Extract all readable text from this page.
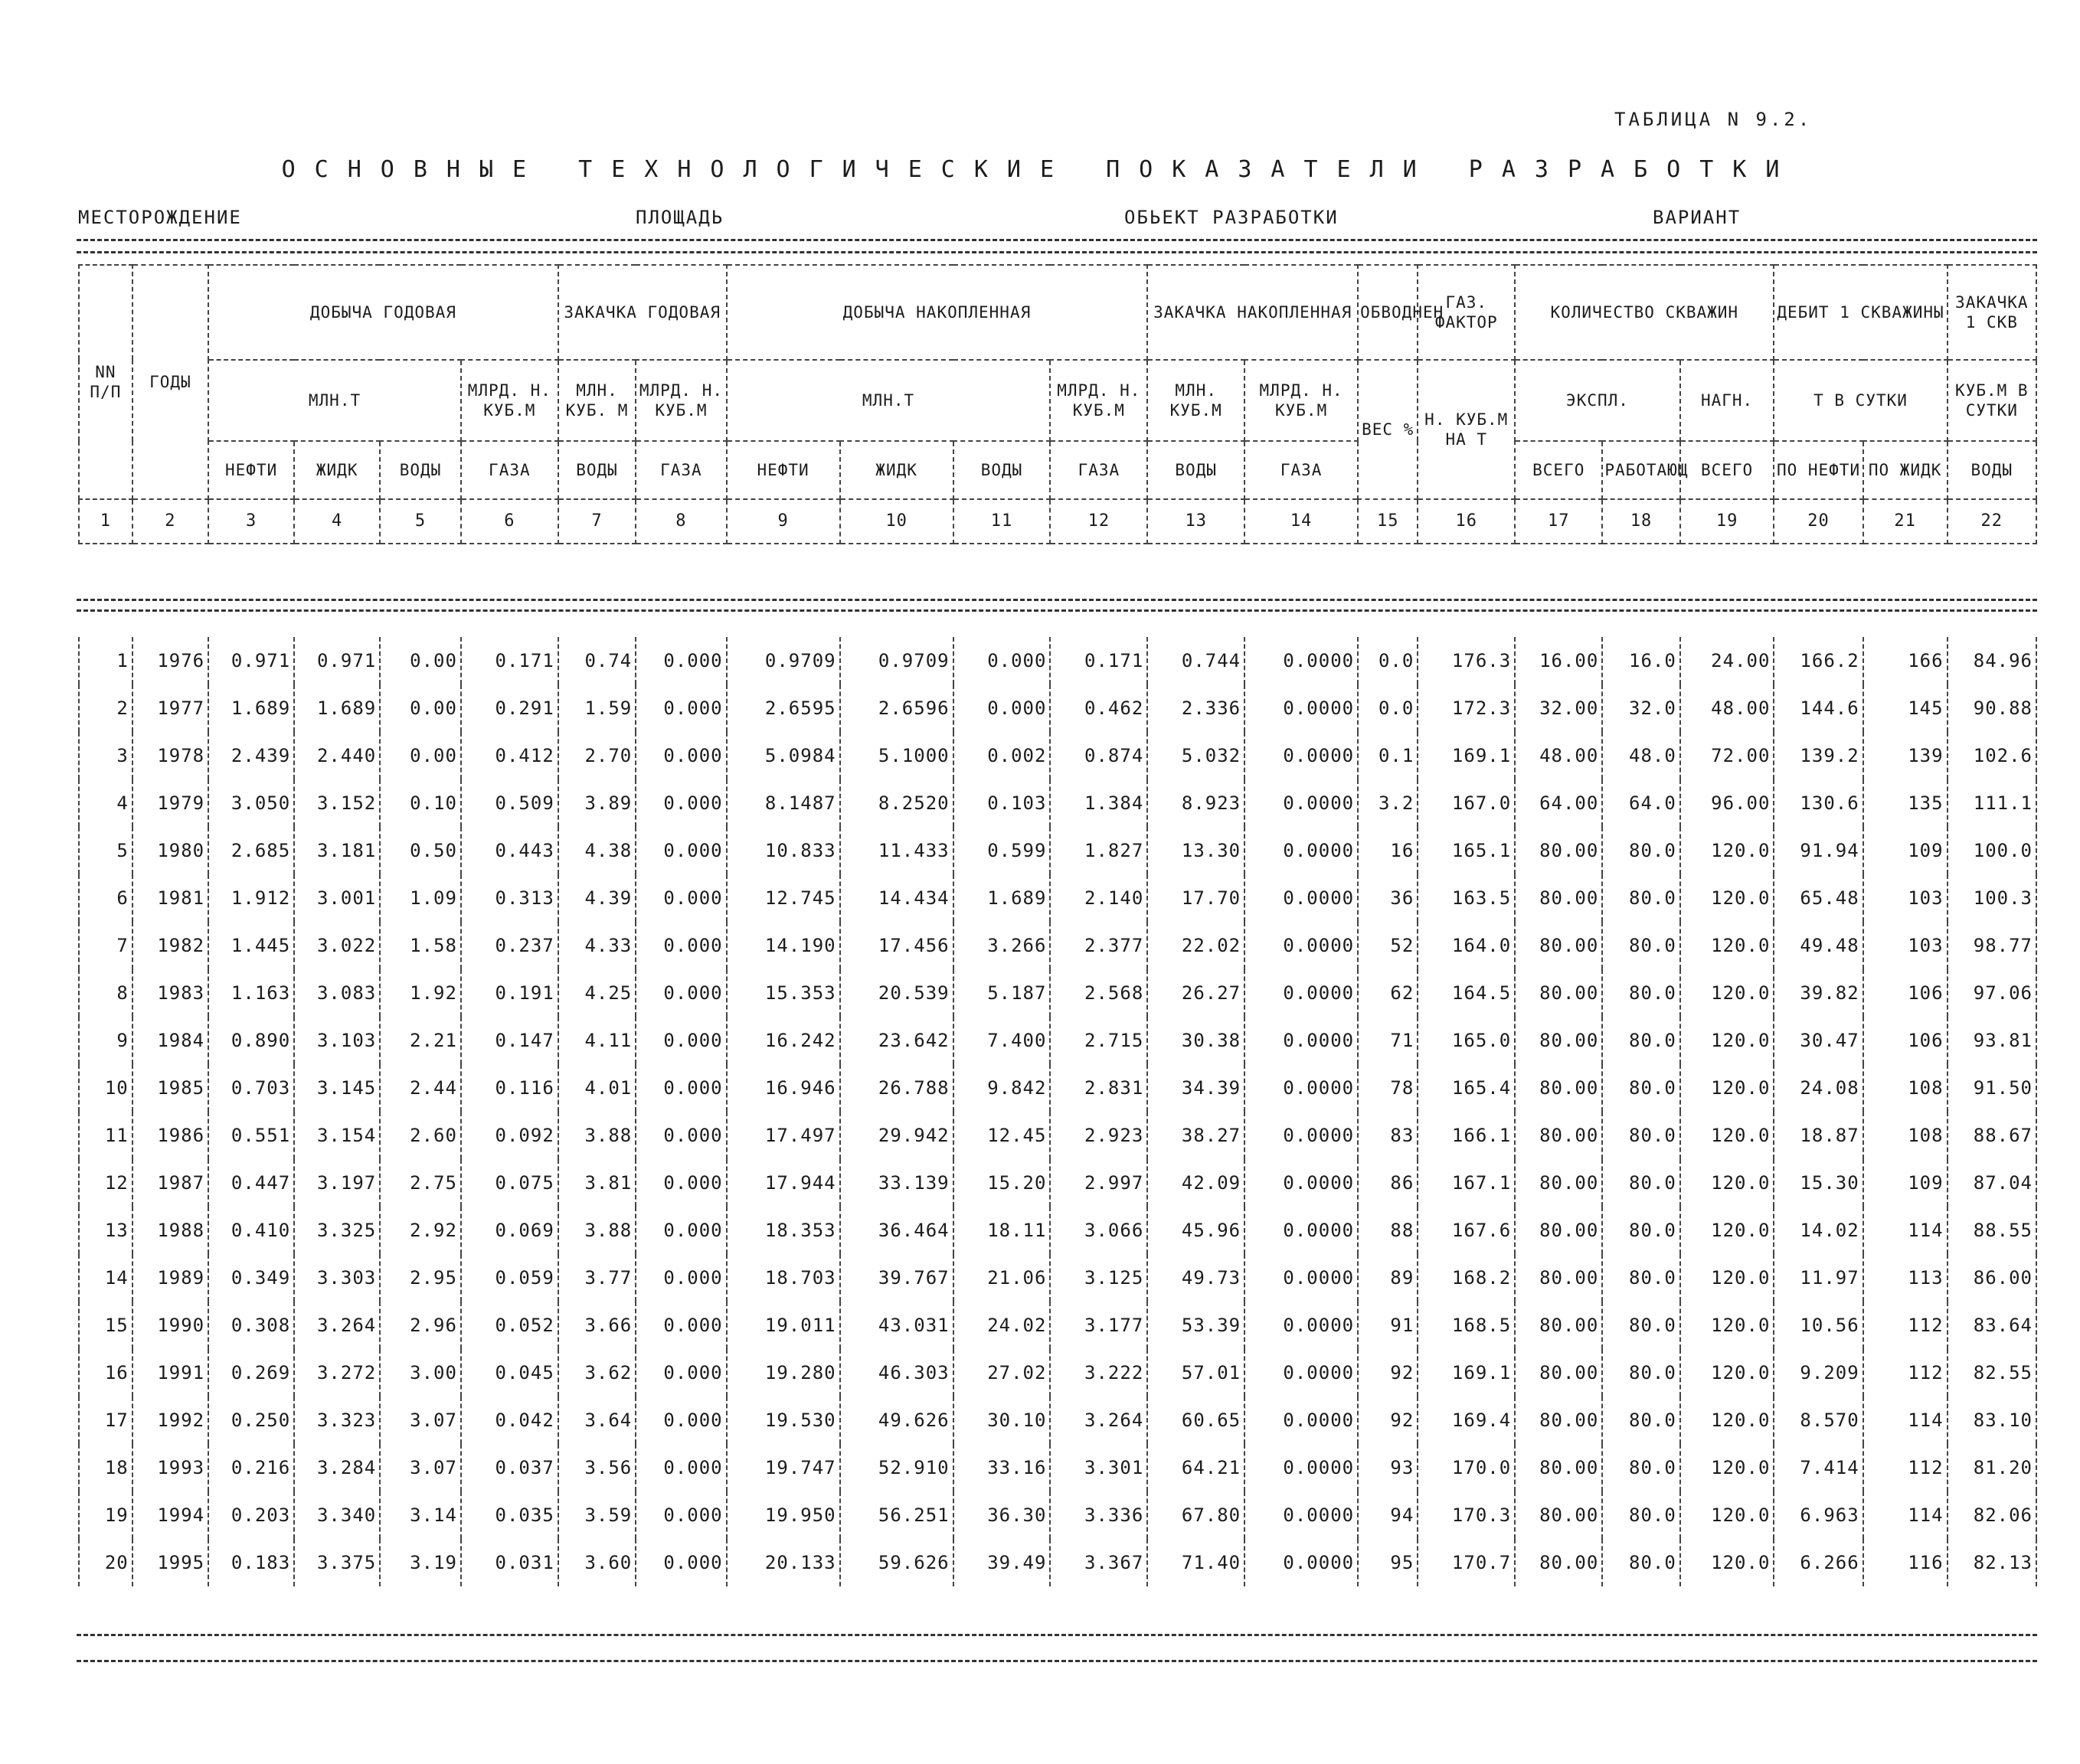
ТАБЛИЦА N 9.2.
ОСНОВНЫЕ ТЕХНОЛОГИЧЕСКИЕ ПОКАЗАТЕЛИ РАЗРАБОТКИ
МЕСТОРОЖДЕНИЕ	ПЛОЩАДЬ	ОБЬЕКТ РАЗРАБОТКИ	ВАРИАНТ
NN П/П	ГОДЫ	ДОБЫЧА ГОДОВАЯ				ЗАКАЧКА ГОДОВАЯ		ДОБЫЧА НАКОПЛЕННАЯ				ЗАКАЧКА НАКОПЛЕННАЯ		ОБВОДНЕН	ГАЗ. ФАКТОР	КОЛИЧЕСТВО СКВАЖИН			ДЕБИТ 1 СКВАЖИНЫ		ЗАКАЧКА 1 СКВ
		МЛН.Т			МЛРД. Н. КУБ.М	МЛН. КУБ. М	МЛРД. Н. КУБ.М	МЛН.Т			МЛРД. Н. КУБ.М	МЛН. КУБ.М	МЛРД. Н. КУБ.М	ВЕС %	Н. КУБ.М НА Т	ЭКСПЛ.		НАГН.	Т В СУТКИ		КУБ.М В СУТКИ
		НЕФТИ	ЖИДК	ВОДЫ	ГАЗА	ВОДЫ	ГАЗА	НЕФТИ	ЖИДК	ВОДЫ	ГАЗА	ВОДЫ	ГАЗА			ВСЕГО	РАБОТАЮЩ	ВСЕГО	ПО НЕФТИ	ПО ЖИДК	ВОДЫ
1	2	3	4	5	6	7	8	9	10	11	12	13	14	15	16	17	18	19	20	21	22
1	1976	0.971	0.971	0.00	0.171	0.74	0.000	0.9709	0.9709	0.000	0.171	0.744	0.0000	0.0	176.3	16.00	16.0	24.00	166.2	166	84.96
2	1977	1.689	1.689	0.00	0.291	1.59	0.000	2.6595	2.6596	0.000	0.462	2.336	0.0000	0.0	172.3	32.00	32.0	48.00	144.6	145	90.88
3	1978	2.439	2.440	0.00	0.412	2.70	0.000	5.0984	5.1000	0.002	0.874	5.032	0.0000	0.1	169.1	48.00	48.0	72.00	139.2	139	102.6
4	1979	3.050	3.152	0.10	0.509	3.89	0.000	8.1487	8.2520	0.103	1.384	8.923	0.0000	3.2	167.0	64.00	64.0	96.00	130.6	135	111.1
5	1980	2.685	3.181	0.50	0.443	4.38	0.000	10.833	11.433	0.599	1.827	13.30	0.0000	16	165.1	80.00	80.0	120.0	91.94	109	100.0
6	1981	1.912	3.001	1.09	0.313	4.39	0.000	12.745	14.434	1.689	2.140	17.70	0.0000	36	163.5	80.00	80.0	120.0	65.48	103	100.3
7	1982	1.445	3.022	1.58	0.237	4.33	0.000	14.190	17.456	3.266	2.377	22.02	0.0000	52	164.0	80.00	80.0	120.0	49.48	103	98.77
8	1983	1.163	3.083	1.92	0.191	4.25	0.000	15.353	20.539	5.187	2.568	26.27	0.0000	62	164.5	80.00	80.0	120.0	39.82	106	97.06
9	1984	0.890	3.103	2.21	0.147	4.11	0.000	16.242	23.642	7.400	2.715	30.38	0.0000	71	165.0	80.00	80.0	120.0	30.47	106	93.81
10	1985	0.703	3.145	2.44	0.116	4.01	0.000	16.946	26.788	9.842	2.831	34.39	0.0000	78	165.4	80.00	80.0	120.0	24.08	108	91.50
11	1986	0.551	3.154	2.60	0.092	3.88	0.000	17.497	29.942	12.45	2.923	38.27	0.0000	83	166.1	80.00	80.0	120.0	18.87	108	88.67
12	1987	0.447	3.197	2.75	0.075	3.81	0.000	17.944	33.139	15.20	2.997	42.09	0.0000	86	167.1	80.00	80.0	120.0	15.30	109	87.04
13	1988	0.410	3.325	2.92	0.069	3.88	0.000	18.353	36.464	18.11	3.066	45.96	0.0000	88	167.6	80.00	80.0	120.0	14.02	114	88.55
14	1989	0.349	3.303	2.95	0.059	3.77	0.000	18.703	39.767	21.06	3.125	49.73	0.0000	89	168.2	80.00	80.0	120.0	11.97	113	86.00
15	1990	0.308	3.264	2.96	0.052	3.66	0.000	19.011	43.031	24.02	3.177	53.39	0.0000	91	168.5	80.00	80.0	120.0	10.56	112	83.64
16	1991	0.269	3.272	3.00	0.045	3.62	0.000	19.280	46.303	27.02	3.222	57.01	0.0000	92	169.1	80.00	80.0	120.0	9.209	112	82.55
17	1992	0.250	3.323	3.07	0.042	3.64	0.000	19.530	49.626	30.10	3.264	60.65	0.0000	92	169.4	80.00	80.0	120.0	8.570	114	83.10
18	1993	0.216	3.284	3.07	0.037	3.56	0.000	19.747	52.910	33.16	3.301	64.21	0.0000	93	170.0	80.00	80.0	120.0	7.414	112	81.20
19	1994	0.203	3.340	3.14	0.035	3.59	0.000	19.950	56.251	36.30	3.336	67.80	0.0000	94	170.3	80.00	80.0	120.0	6.963	114	82.06
20	1995	0.183	3.375	3.19	0.031	3.60	0.000	20.133	59.626	39.49	3.367	71.40	0.0000	95	170.7	80.00	80.0	120.0	6.266	116	82.13
